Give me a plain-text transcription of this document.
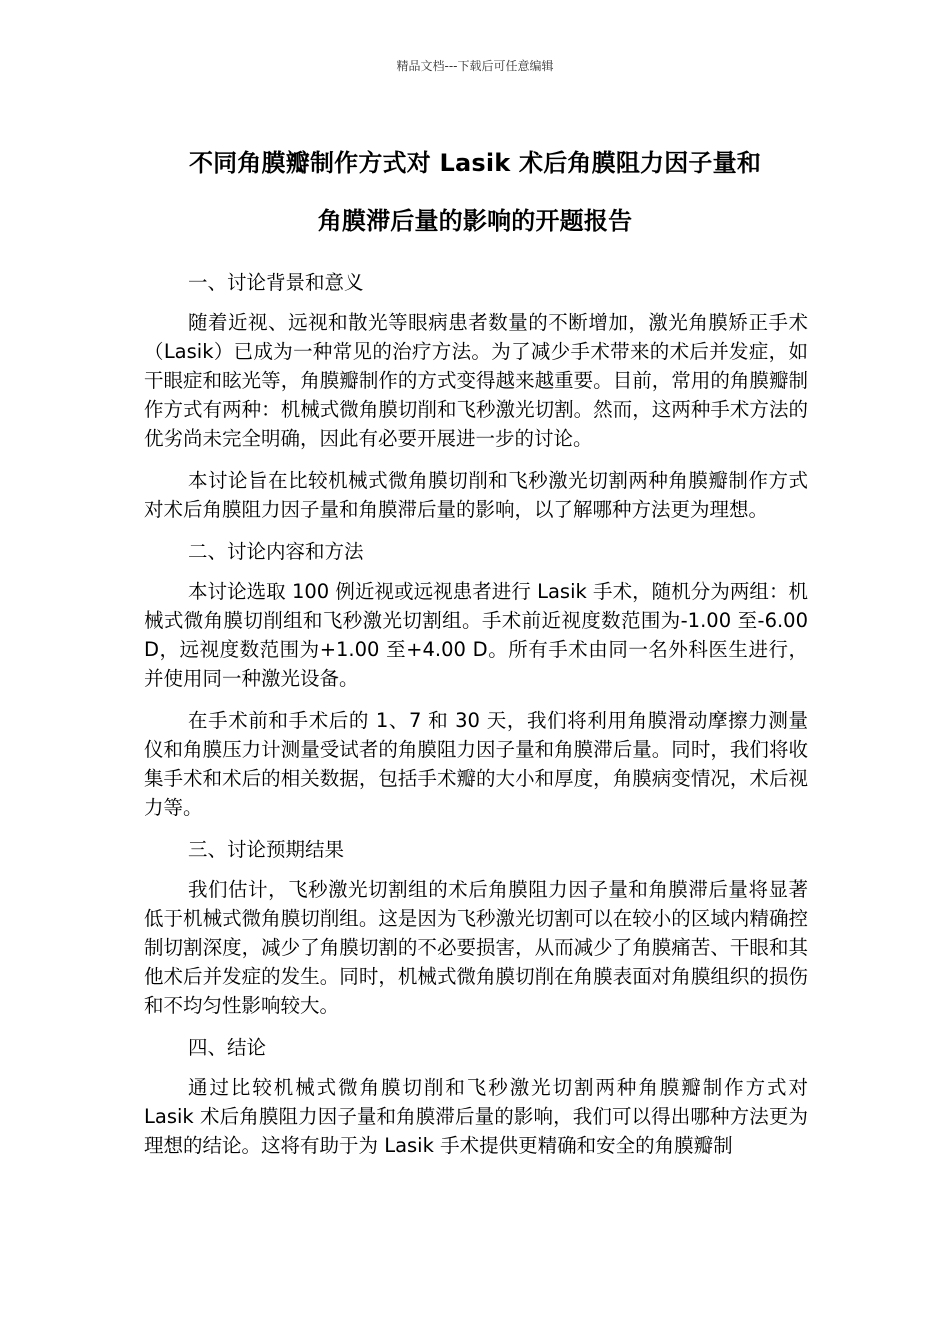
精品文档---下载后可任意编辑
不同角膜瓣制作方式对 Lasik 术后角膜阻力因子量和
角膜滞后量的影响的开题报告

一、讨论背景和意义

随着近视、远视和散光等眼病患者数量的不断增加，激光角膜矫正手术（Lasik）已成为一种常见的治疗方法。为了减少手术带来的术后并发症，如干眼症和眩光等，角膜瓣制作的方式变得越来越重要。目前，常用的角膜瓣制作方式有两种：机械式微角膜切削和飞秒激光切割。然而，这两种手术方法的优劣尚未完全明确，因此有必要开展进一步的讨论。

本讨论旨在比较机械式微角膜切削和飞秒激光切割两种角膜瓣制作方式对术后角膜阻力因子量和角膜滞后量的影响，以了解哪种方法更为理想。

二、讨论内容和方法

本讨论选取 100 例近视或远视患者进行 Lasik 手术，随机分为两组：机械式微角膜切削组和飞秒激光切割组。手术前近视度数范围为-1.00 至-6.00 D，远视度数范围为+1.00 至+4.00 D。所有手术由同一名外科医生进行，并使用同一种激光设备。

在手术前和手术后的 1、7 和 30 天，我们将利用角膜滑动摩擦力测量仪和角膜压力计测量受试者的角膜阻力因子量和角膜滞后量。同时，我们将收集手术和术后的相关数据，包括手术瓣的大小和厚度，角膜病变情况，术后视力等。

三、讨论预期结果

我们估计，飞秒激光切割组的术后角膜阻力因子量和角膜滞后量将显著低于机械式微角膜切削组。这是因为飞秒激光切割可以在较小的区域内精确控制切割深度，减少了角膜切割的不必要损害，从而减少了角膜痛苦、干眼和其他术后并发症的发生。同时，机械式微角膜切削在角膜表面对角膜组织的损伤和不均匀性影响较大。

四、结论

通过比较机械式微角膜切削和飞秒激光切割两种角膜瓣制作方式对 Lasik 术后角膜阻力因子量和角膜滞后量的影响，我们可以得出哪种方法更为理想的结论。这将有助于为 Lasik 手术提供更精确和安全的角膜瓣制
